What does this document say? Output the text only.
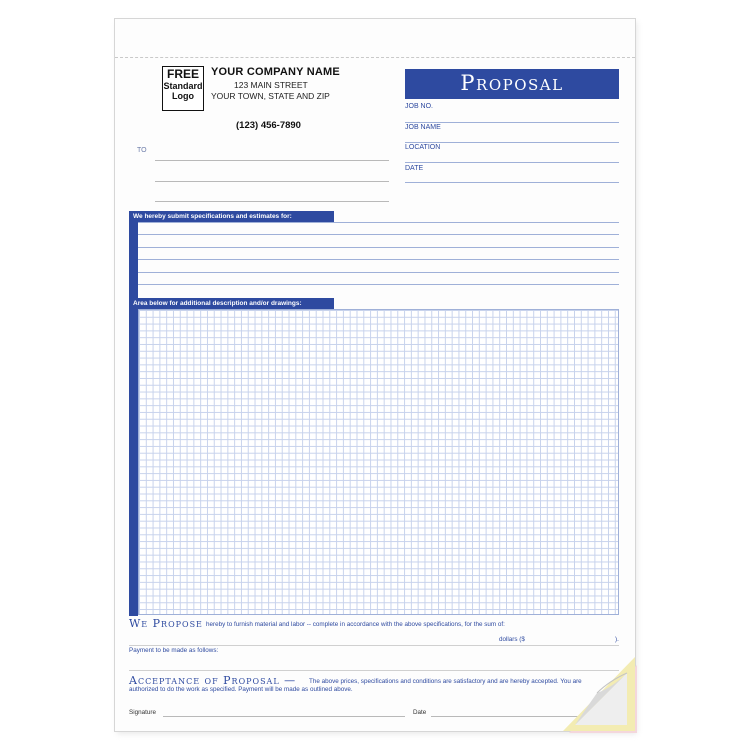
FREE
Standard
Logo
YOUR COMPANY NAME
123 MAIN STREET
YOUR TOWN, STATE AND ZIP
(123) 456-7890
TO
Proposal
JOB NO.
JOB NAME
LOCATION
DATE
We hereby submit specifications and estimates for:
Area below for additional description and/or drawings:
We Propose hereby to furnish material and labor -- complete in accordance with the above specifications, for the sum of:
dollars ($	).
Payment to be made as follows:
Acceptance of Proposal — The above prices, specifications and conditions are satisfactory and are hereby accepted. You are
authorized to do the work as specified. Payment will be made as outlined above.
Signature	Date
